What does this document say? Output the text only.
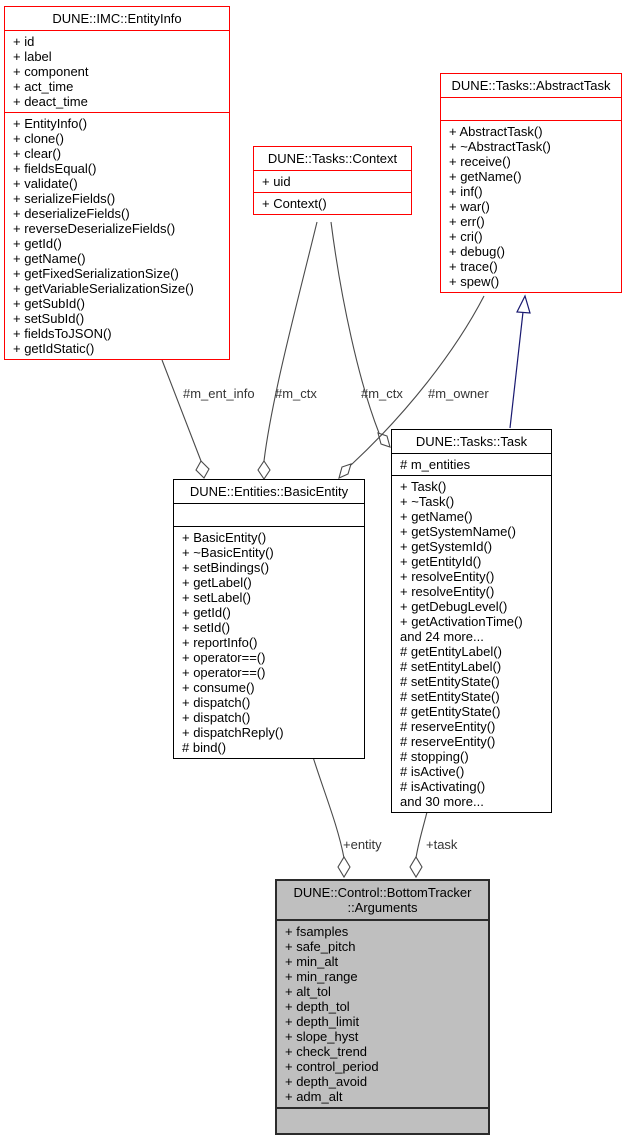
DUNE::IMC::EntityInfo
+ id
+ label
+ component
+ act_time
+ deact_time
+ EntityInfo()
+ clone()
+ clear()
+ fieldsEqual()
+ validate()
+ serializeFields()
+ deserializeFields()
+ reverseDeserializeFields()
+ getId()
+ getName()
+ getFixedSerializationSize()
+ getVariableSerializationSize()
+ getSubId()
+ setSubId()
+ fieldsToJSON()
+ getIdStatic()
DUNE::Tasks::Context
+ uid
+ Context()
DUNE::Tasks::AbstractTask
+ AbstractTask()
+ ~AbstractTask()
+ receive()
+ getName()
+ inf()
+ war()
+ err()
+ cri()
+ debug()
+ trace()
+ spew()
DUNE::Entities::BasicEntity
+ BasicEntity()
+ ~BasicEntity()
+ setBindings()
+ getLabel()
+ setLabel()
+ getId()
+ setId()
+ reportInfo()
+ operator==()
+ operator==()
+ consume()
+ dispatch()
+ dispatch()
+ dispatchReply()
# bind()
DUNE::Tasks::Task
# m_entities
+ Task()
+ ~Task()
+ getName()
+ getSystemName()
+ getSystemId()
+ getEntityId()
+ resolveEntity()
+ resolveEntity()
+ getDebugLevel()
+ getActivationTime()
and 24 more...
# getEntityLabel()
# setEntityLabel()
# setEntityState()
# setEntityState()
# getEntityState()
# reserveEntity()
# reserveEntity()
# stopping()
# isActive()
# isActivating()
and 30 more...
DUNE::Control::BottomTracker
::Arguments
+ fsamples
+ safe_pitch
+ min_alt
+ min_range
+ alt_tol
+ depth_tol
+ depth_limit
+ slope_hyst
+ check_trend
+ control_period
+ depth_avoid
+ adm_alt
#m_ent_info #m_ctx	#m_ctx #m_owner
+entity	+task
